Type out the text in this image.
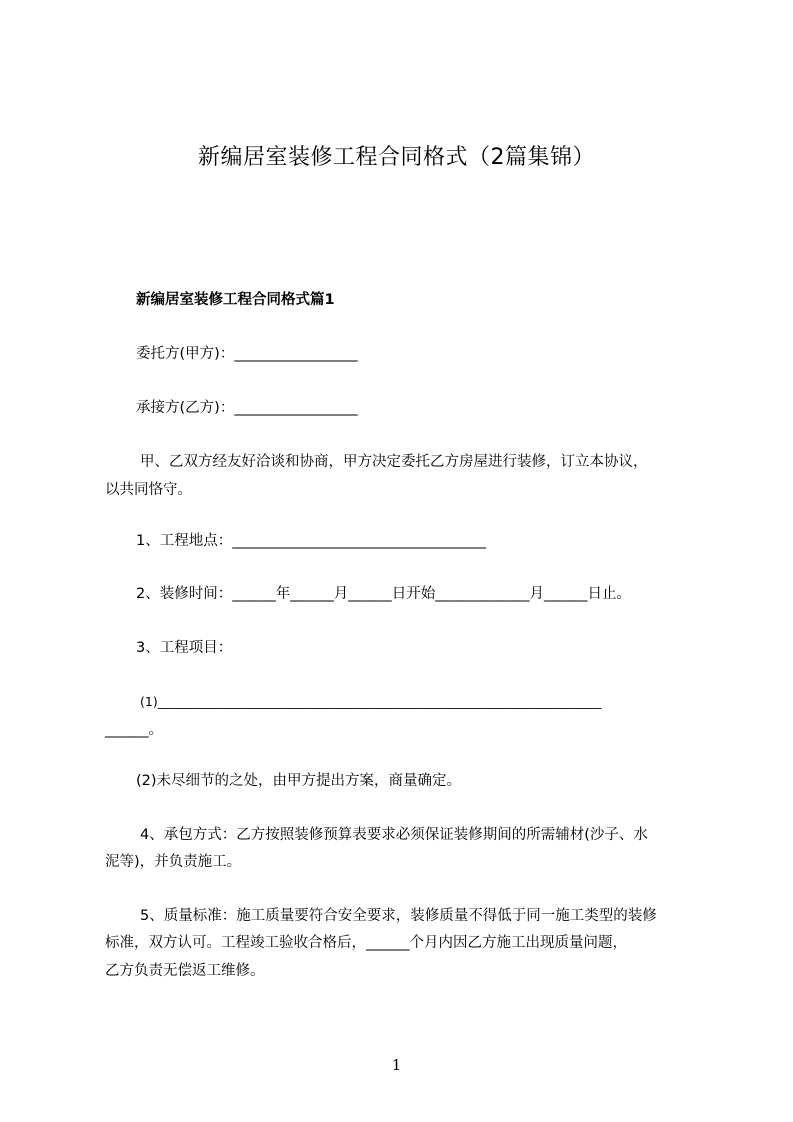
新编居室装修工程合同格式（2篇集锦）
新编居室装修工程合同格式篇1
委托方(甲方)：_________________
承接方(乙方)：_________________
甲、乙双方经友好洽谈和协商，甲方决定委托乙方房屋进行装修，订立本协议，
以共同恪守。
1、工程地点：___________________________________
2、装修时间：______年______月______日开始_____________月______日止。
3、工程项目：
(1)_______________________________________________________________________
______。
(2)未尽细节的之处，由甲方提出方案，商量确定。
4、承包方式：乙方按照装修预算表要求必须保证装修期间的所需辅材(沙子、水
泥等)，并负责施工。
5、质量标准：施工质量要符合安全要求，装修质量不得低于同一施工类型的装修
标准，双方认可。工程竣工验收合格后，______个月内因乙方施工出现质量问题，
乙方负责无偿返工维修。
1
